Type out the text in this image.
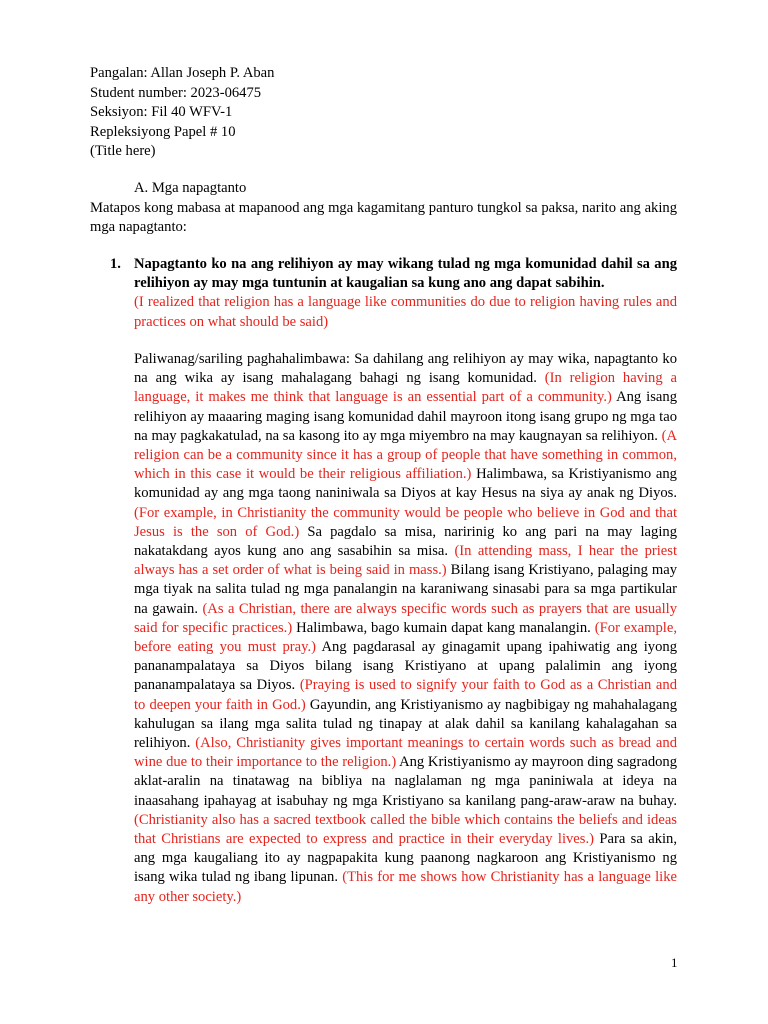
Pangalan: Allan Joseph P. Aban
Student number: 2023-06475
Seksiyon: Fil 40 WFV-1
Repleksiyong Papel # 10
(Title here)
A. Mga napagtanto
Matapos kong mabasa at mapanood ang mga kagamitang panturo tungkol sa paksa, narito ang aking mga napagtanto:
1. Napagtanto ko na ang relihiyon ay may wikang tulad ng mga komunidad dahil sa ang relihiyon ay may mga tuntunin at kaugalian sa kung ano ang dapat sabihin.
(I realized that religion has a language like communities do due to religion having rules and practices on what should be said)
Paliwanag/sariling paghahalimbawa: Sa dahilang ang relihiyon ay may wika, napagtanto ko na ang wika ay isang mahalagang bahagi ng isang komunidad. (In religion having a language, it makes me think that language is an essential part of a community.) Ang isang relihiyon ay maaaring maging isang komunidad dahil mayroon itong isang grupo ng mga tao na may pagkakatulad, na sa kasong ito ay mga miyembro na may kaugnayan sa relihiyon. (A religion can be a community since it has a group of people that have something in common, which in this case it would be their religious affiliation.) Halimbawa, sa Kristiyanismo ang komunidad ay ang mga taong naniniwala sa Diyos at kay Hesus na siya ay anak ng Diyos. (For example, in Christianity the community would be people who believe in God and that Jesus is the son of God.) Sa pagdalo sa misa, naririnig ko ang pari na may laging nakatakdang ayos kung ano ang sasabihin sa misa. (In attending mass, I hear the priest always has a set order of what is being said in mass.) Bilang isang Kristiyano, palaging may mga tiyak na salita tulad ng mga panalangin na karaniwang sinasabi para sa mga partikular na gawain. (As a Christian, there are always specific words such as prayers that are usually said for specific practices.) Halimbawa, bago kumain dapat kang manalangin. (For example, before eating you must pray.) Ang pagdarasal ay ginagamit upang ipahiwatig ang iyong pananampalataya sa Diyos bilang isang Kristiyano at upang palalimin ang iyong pananampalataya sa Diyos. (Praying is used to signify your faith to God as a Christian and to deepen your faith in God.) Gayundin, ang Kristiyanismo ay nagbibigay ng mahahalagang kahulugan sa ilang mga salita tulad ng tinapay at alak dahil sa kanilang kahalagahan sa relihiyon. (Also, Christianity gives important meanings to certain words such as bread and wine due to their importance to the religion.) Ang Kristiyanismo ay mayroon ding sagradong aklat-aralin na tinatawag na bibliya na naglalaman ng mga paniniwala at ideya na inaasahang ipahayag at isabuhay ng mga Kristiyano sa kanilang pang-araw-araw na buhay. (Christianity also has a sacred textbook called the bible which contains the beliefs and ideas that Christians are expected to express and practice in their everyday lives.) Para sa akin, ang mga kaugaliang ito ay nagpapakita kung paanong nagkaroon ang Kristiyanismo ng isang wika tulad ng ibang lipunan. (This for me shows how Christianity has a language like any other society.)
1
